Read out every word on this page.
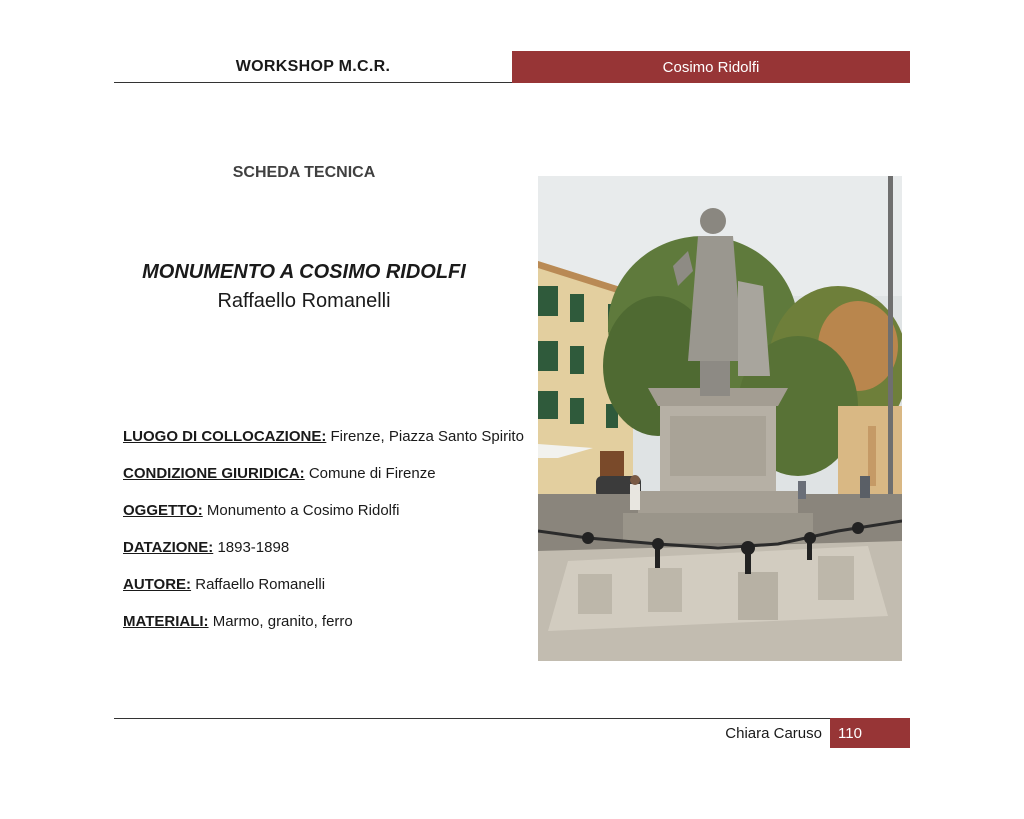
WORKSHOP M.C.R.	Cosimo Ridolfi
SCHEDA TECNICA
MONUMENTO A COSIMO RIDOLFI
Raffaello Romanelli
LUOGO DI COLLOCAZIONE: Firenze, Piazza Santo Spirito
CONDIZIONE GIURIDICA: Comune di Firenze
OGGETTO: Monumento a Cosimo Ridolfi
DATAZIONE: 1893-1898
AUTORE: Raffaello Romanelli
MATERIALI: Marmo, granito, ferro
Chiara Caruso	110
